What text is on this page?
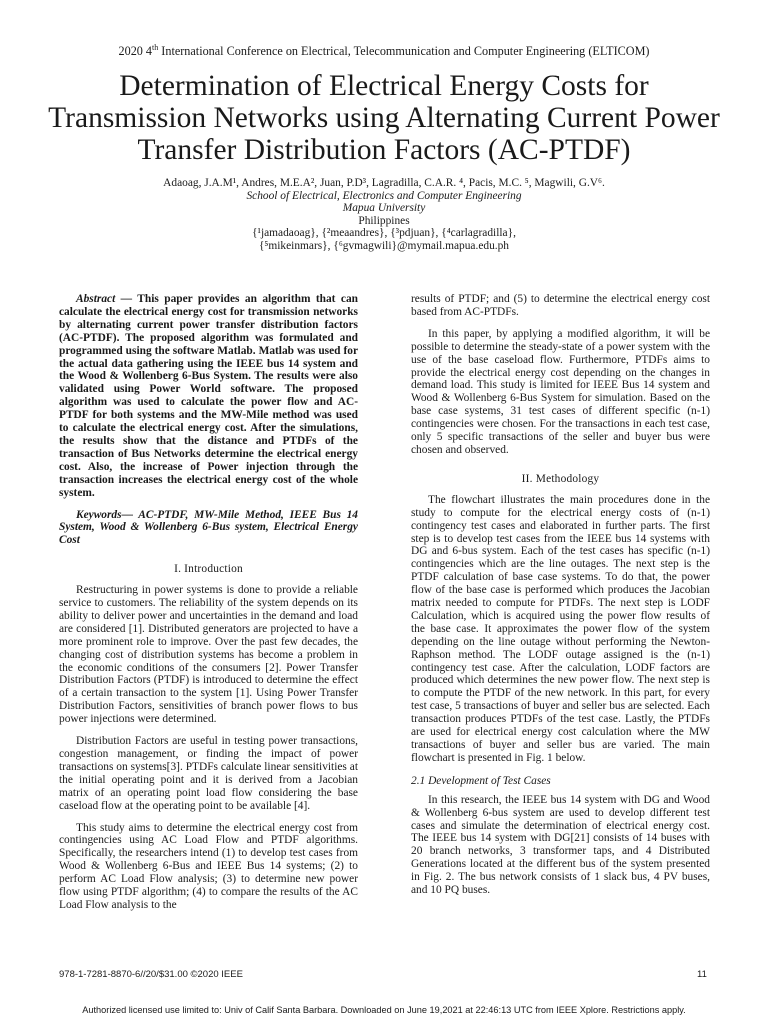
2020 4th International Conference on Electrical, Telecommunication and Computer Engineering (ELTICOM)
Determination of Electrical Energy Costs for Transmission Networks using Alternating Current Power Transfer Distribution Factors (AC-PTDF)
Adaoag, J.A.M¹, Andres, M.E.A², Juan, P.D³, Lagradilla, C.A.R. ⁴, Pacis, M.C. ⁵, Magwili, G.V⁶.
School of Electrical, Electronics and Computer Engineering
Mapua University
Philippines
{¹jamadaoag}, {²meaandres}, {³pdjuan}, {⁴carlagradilla},
{⁵mikeinmars}, {⁶gvmagwili}@mymail.mapua.edu.ph

Abstract — This paper provides an algorithm that can calculate the electrical energy cost for transmission networks by alternating current power transfer distribution factors (AC-PTDF). The proposed algorithm was formulated and programmed using the software Matlab. Matlab was used for the actual data gathering using the IEEE bus 14 system and the Wood & Wollenberg 6-Bus System. The results were also validated using Power World software. The proposed algorithm was used to calculate the power flow and AC-PTDF for both systems and the MW-Mile method was used to calculate the electrical energy cost. After the simulations, the results show that the distance and PTDFs of the transaction of Bus Networks determine the electrical energy cost. Also, the increase of Power injection through the transaction increases the electrical energy cost of the whole system.

Keywords— AC-PTDF, MW-Mile Method, IEEE Bus 14 System, Wood & Wollenberg 6-Bus system, Electrical Energy Cost

I. Introduction

Restructuring in power systems is done to provide a reliable service to customers. The reliability of the system depends on its ability to deliver power and uncertainties in the demand and load are considered [1]. Distributed generators are projected to have a more prominent role to improve. Over the past few decades, the changing cost of distribution systems has become a problem in the economic conditions of the consumers [2]. Power Transfer Distribution Factors (PTDF) is introduced to determine the effect of a certain transaction to the system [1]. Using Power Transfer Distribution Factors, sensitivities of branch power flows to bus power injections were determined.

Distribution Factors are useful in testing power transactions, congestion management, or finding the impact of power transactions on systems[3]. PTDFs calculate linear sensitivities at the initial operating point and it is derived from a Jacobian matrix of an operating point load flow considering the base caseload flow at the operating point to be available [4].

This study aims to determine the electrical energy cost from contingencies using AC Load Flow and PTDF algorithms. Specifically, the researchers intend (1) to develop test cases from Wood & Wollenberg 6-Bus and IEEE Bus 14 systems; (2) to perform AC Load Flow analysis; (3) to determine new power flow using PTDF algorithm; (4) to compare the results of the AC Load Flow analysis to the

results of PTDF; and (5) to determine the electrical energy cost based from AC-PTDFs.

In this paper, by applying a modified algorithm, it will be possible to determine the steady-state of a power system with the use of the base caseload flow. Furthermore, PTDFs aims to provide the electrical energy cost depending on the changes in demand load. This study is limited for IEEE Bus 14 system and Wood & Wollenberg 6-Bus System for simulation. Based on the base case systems, 31 test cases of different specific (n-1) contingencies were chosen. For the transactions in each test case, only 5 specific transactions of the seller and buyer bus were chosen and observed.

II. Methodology

The flowchart illustrates the main procedures done in the study to compute for the electrical energy costs of (n-1) contingency test cases and elaborated in further parts. The first step is to develop test cases from the IEEE bus 14 systems with DG and 6-bus system. Each of the test cases has specific (n-1) contingencies which are the line outages. The next step is the PTDF calculation of base case systems. To do that, the power flow of the base case is performed which produces the Jacobian matrix needed to compute for PTDFs. The next step is LODF Calculation, which is acquired using the power flow results of the base case. It approximates the power flow of the system depending on the line outage without performing the Newton-Raphson method. The LODF outage assigned is the (n-1) contingency test case. After the calculation, LODF factors are produced which determines the new power flow. The next step is to compute the PTDF of the new network. In this part, for every test case, 5 transactions of buyer and seller bus are selected. Each transaction produces PTDFs of the test case. Lastly, the PTDFs are used for electrical energy cost calculation where the MW transactions of buyer and seller bus are varied. The main flowchart is presented in Fig. 1 below.

2.1 Development of Test Cases

In this research, the IEEE bus 14 system with DG and Wood & Wollenberg 6-bus system are used to develop different test cases and simulate the determination of electrical energy cost. The IEEE bus 14 system with DG[21] consists of 14 buses with 20 branch networks, 3 transformer taps, and 4 Distributed Generations located at the different bus of the system presented in Fig. 2. The bus network consists of 1 slack bus, 4 PV buses, and 10 PQ buses.

978-1-7281-8870-6//20/$31.00 ©2020 IEEE	11
Authorized licensed use limited to: Univ of Calif Santa Barbara. Downloaded on June 19,2021 at 22:46:13 UTC from IEEE Xplore. Restrictions apply.
